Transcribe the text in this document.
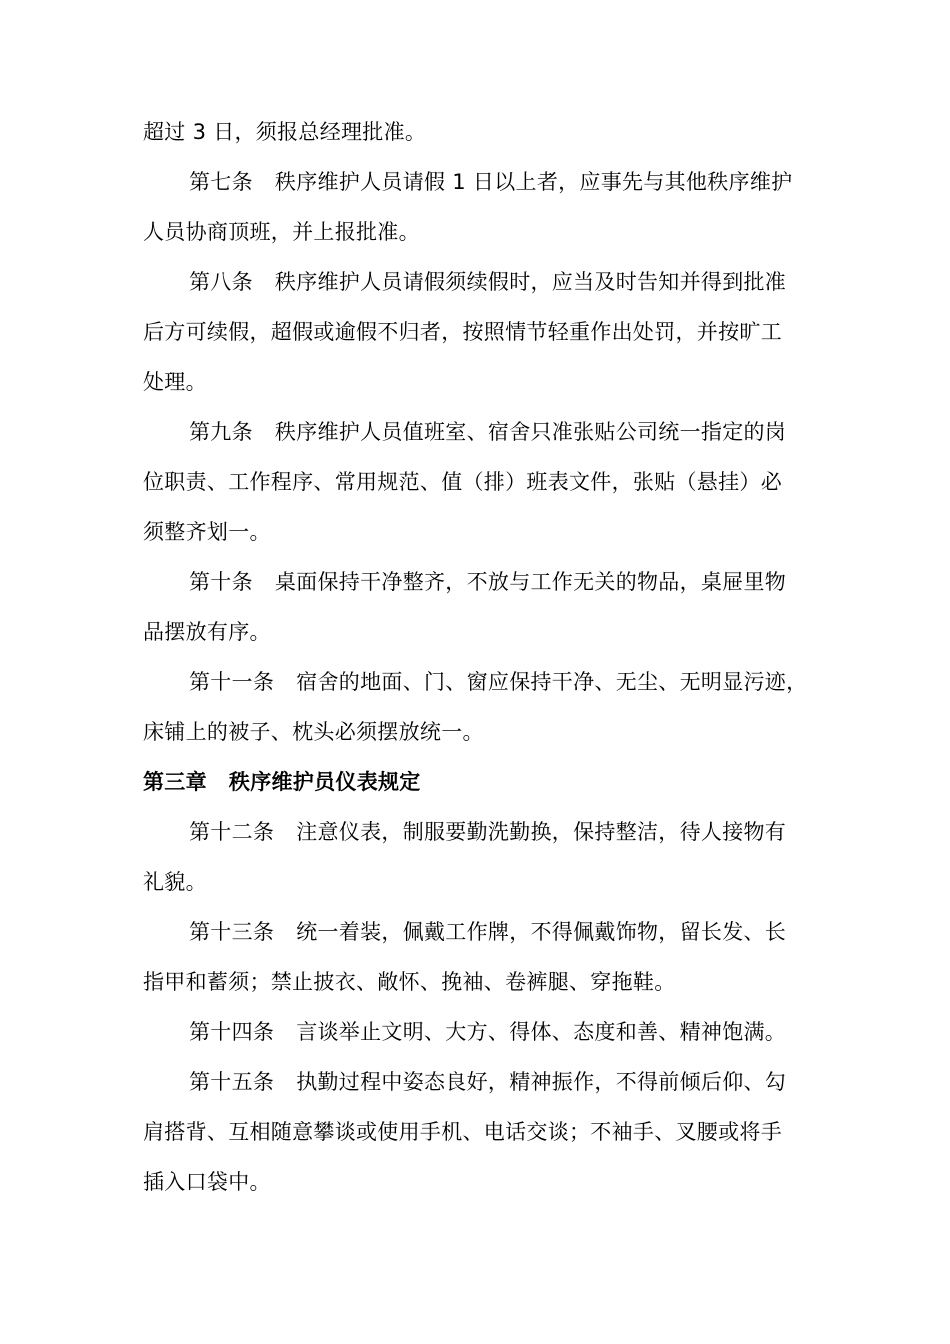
超过 3 日，须报总经理批准。
第七条 秩序维护人员请假 1 日以上者，应事先与其他秩序维护
人员协商顶班，并上报批准。
第八条 秩序维护人员请假须续假时，应当及时告知并得到批准
后方可续假，超假或逾假不归者，按照情节轻重作出处罚，并按旷工
处理。
第九条 秩序维护人员值班室、宿舍只准张贴公司统一指定的岗
位职责、工作程序、常用规范、值（排）班表文件，张贴（悬挂）必
须整齐划一。
第十条 桌面保持干净整齐，不放与工作无关的物品，桌屉里物
品摆放有序。
第十一条 宿舍的地面、门、窗应保持干净、无尘、无明显污迹，
床铺上的被子、枕头必须摆放统一。
第三章 秩序维护员仪表规定
第十二条 注意仪表，制服要勤洗勤换，保持整洁，待人接物有
礼貌。
第十三条 统一着装，佩戴工作牌，不得佩戴饰物，留长发、长
指甲和蓄须；禁止披衣、敞怀、挽袖、卷裤腿、穿拖鞋。
第十四条 言谈举止文明、大方、得体、态度和善、精神饱满。
第十五条 执勤过程中姿态良好，精神振作，不得前倾后仰、勾
肩搭背、互相随意攀谈或使用手机、电话交谈；不袖手、叉腰或将手
插入口袋中。
